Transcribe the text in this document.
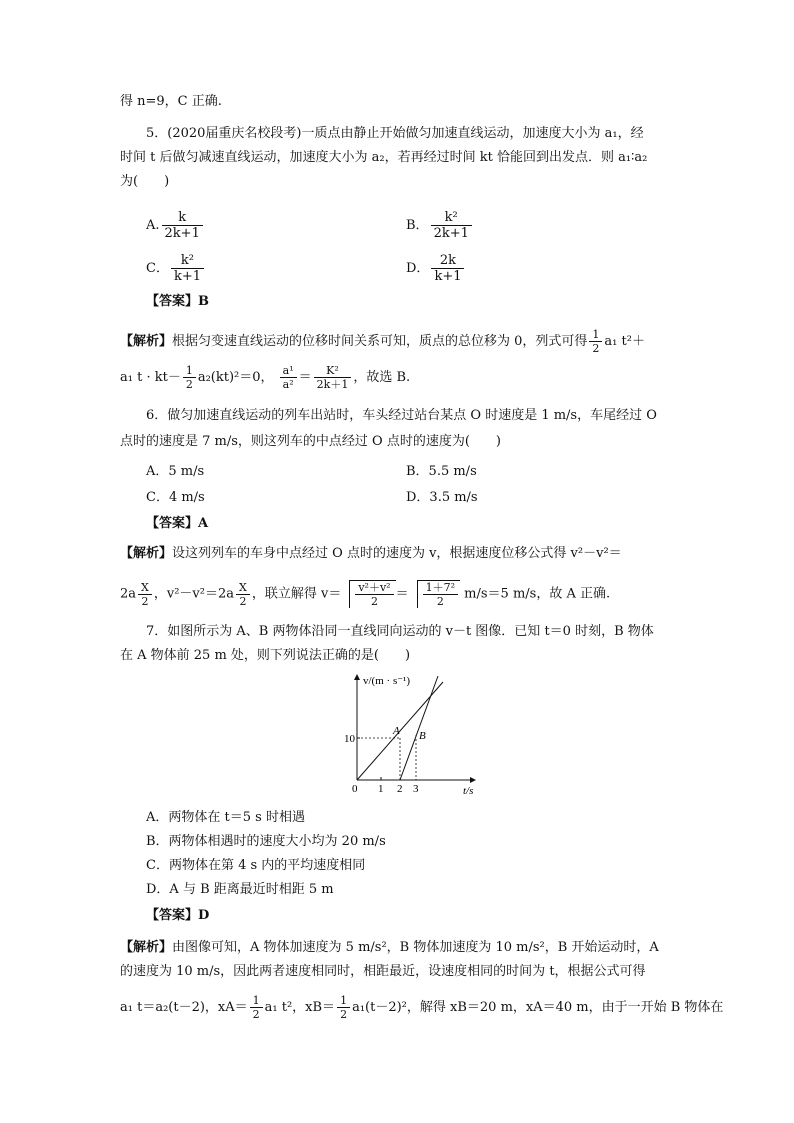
得 n=9，C 正确.
5．(2020届重庆名校段考)一质点由静止开始做匀加速直线运动，加速度大小为 a₁，经
时间 t 后做匀减速直线运动，加速度大小为 a₂，若再经过时间 kt 恰能回到出发点．则 a₁∶a₂
为(　　)
A. $\frac{k}{2k+1}$	B． $\frac{\text{k²}}{2k+1}$
C． $\frac{\text{k²}}{k+1}$	D． $\frac{2k}{k+1}$
【答案】B
【解析】根据匀变速直线运动的位移时间关系可知，质点的总位移为 0，列式可得 $\frac{1}{2} a_1$ t²＋
a₁ $t \cdot kt- \frac{1}{2} a_2(kt)^2=0$， $\frac{\text{a¹}}{\text{a²}} = \frac{\text{K²}}{2k+1}$ ，故选 B.
6．做匀加速直线运动的列车出站时，车头经过站台某点 O 时速度是 1 m/s，车尾经过 O
点时的速度是 7 m/s，则这列车的中点经过 O 点时的速度为(　　)
A．5 m/s	B．5.5 m/s
C．4 m/s	D．3.5 m/s
【答案】A
【解析】设这列列车的车身中点经过 O 点时的速度为 v，根据速度位移公式得 v²－v²＝
$2a \frac{X}{2}$ ，$v^2-v^2=2a \frac{X}{2}$ ，联立解得 $v= \frac{\text{v²＋v²}}{2} = \frac{\text{1＋7²}}{2} m/s=5$ m/s，故 A 正确.
7．如图所示为 A、B 两物体沿同一直线同向运动的 v－t 图像．已知 t＝0 时刻，B 物体
在 A 物体前 25 m 处，则下列说法正确的是(　　)
v/(m · s⁻¹)
t/s
10
0 1 2 3
A B
A．两物体在 t＝5 s 时相遇
B．两物体相遇时的速度大小均为 20 m/s
C．两物体在第 4 s 内的平均速度相同
D．A 与 B 距离最近时相距 5 m
【答案】D
【解析】由图像可知，A 物体加速度为 5 m/s²，B 物体加速度为 10 m/s²，B 开始运动时，A
的速度为 10 m/s，因此两者速度相同时，相距最近，设速度相同的时间为 t，根据公式可得
a₁ t＝a₂(t－2)，$xA= \frac{1}{2} a_1$ t²，$xB= \frac{1}{2} a_1(t-2)^2$，解得 xB＝20 m，xA＝40 m，由于一开始 B 物体在
